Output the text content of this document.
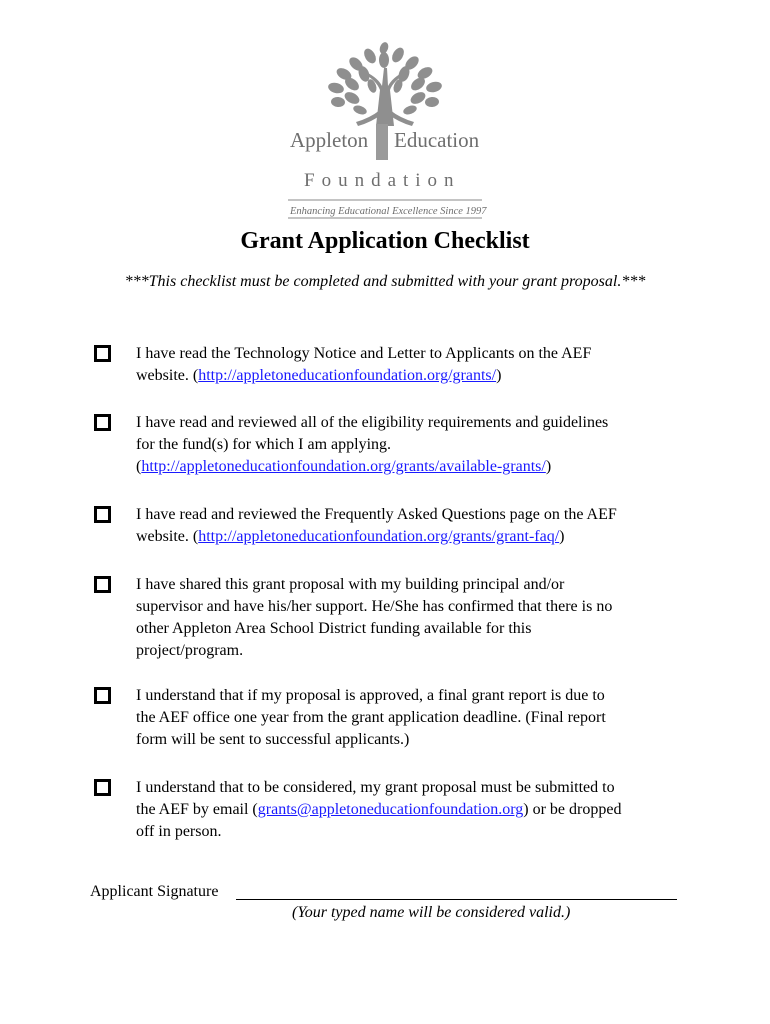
Appleton Education
Foundation
Enhancing Educational Excellence Since 1997
Grant Application Checklist
***This checklist must be completed and submitted with your grant proposal.***
I have read the Technology Notice and Letter to Applicants on the AEF
website. (http://appletoneducationfoundation.org/grants/)
I have read and reviewed all of the eligibility requirements and guidelines
for the fund(s) for which I am applying.
(http://appletoneducationfoundation.org/grants/available-grants/)
I have read and reviewed the Frequently Asked Questions page on the AEF
website. (http://appletoneducationfoundation.org/grants/grant-faq/)
I have shared this grant proposal with my building principal and/or
supervisor and have his/her support. He/She has confirmed that there is no
other Appleton Area School District funding available for this
project/program.
I understand that if my proposal is approved, a final grant report is due to
the AEF office one year from the grant application deadline. (Final report
form will be sent to successful applicants.)
I understand that to be considered, my grant proposal must be submitted to
the AEF by email (grants@appletoneducationfoundation.org) or be dropped
off in person.
Applicant Signature
(Your typed name will be considered valid.)
